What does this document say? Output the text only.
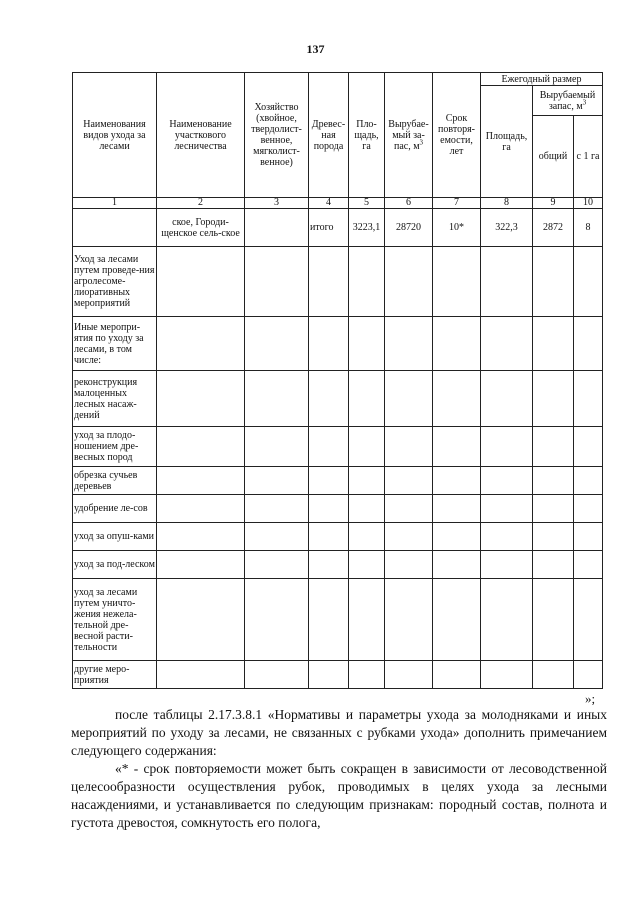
137
Наименования видов ухода за лесами	Наименование участкового лесничества	Хозяйство (хвойное, твердолист-венное, мягколист-венное)	Древес-ная порода	Пло-щадь, га	Вырубае-мый за-пас, $м^3$	Срок повторя-емости, лет	Ежегодный размер		
							Площадь, га	Вырубаемый запас, $м^3$
								общий	с 1 га
1	2	3	4	5	6	7	8	9	10
	ское, Городи-щенское сель-ское		итого	3223,1	28720	10*	322,3	2872	8
Уход за лесами путем проведе-ния агролесоме-лиоративных мероприятий									
Иные меропри-ятия по уходу за лесами, в том числе:									
реконструкция малоценных лесных насаж-дений									
уход за плодо-ношением дре-весных пород									
обрезка сучьев деревьев									
удобрение ле-сов									
уход за опуш-ками									
уход за под-леском									
уход за лесами путем уничто-жения нежела-тельной дре-весной расти-тельности									
другие меро-приятия									
»;
после таблицы 2.17.3.8.1 «Нормативы и параметры ухода за молодняками и иных мероприятий по уходу за лесами, не связанных с рубками ухода» дополнить примечанием следующего содержания:
«* - срок повторяемости может быть сокращен в зависимости от лесоводственной целесообразности осуществления рубок, проводимых в целях ухода за лесными насаждениями, и устанавливается по следующим признакам: породный состав, полнота и густота древостоя, сомкнутость его полога,
